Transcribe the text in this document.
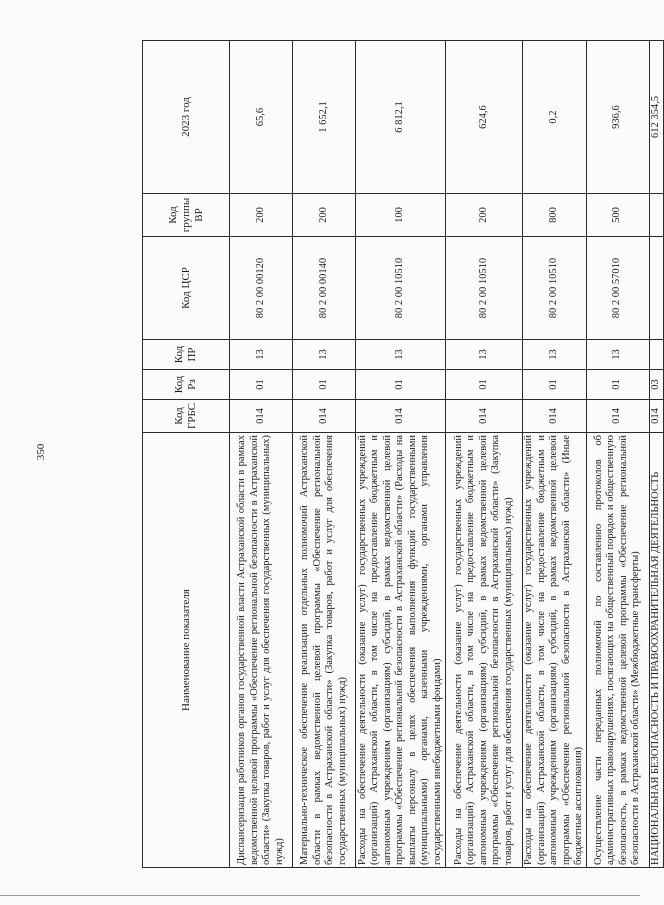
350
Наименование показателя	Код ГРБС	Код Рз	Код ПР	Код ЦСР	Код группы ВР	2023 год
Диспансеризация работников органов государственной власти Астраханской области в рамках ведомственной целевой программы «Обеспечение региональной безопасности в Астраханской области» (Закупка товаров, работ и услуг для обеспечения государственных (муниципальных) нужд)	014	01	13	80 2 00 00120	200	65,6
Материально-техническое обеспечение реализации отдельных полномочий Астраханской области в рамках ведомственной целевой программы «Обеспечение региональной безопасности в Астраханской области» (Закупка товаров, работ и услуг для обеспечения государственных (муниципальных) нужд)	014	01	13	80 2 00 00140	200	1 652,1
Расходы на обеспечение деятельности (оказание услуг) государственных учреждений (организаций) Астраханской области, в том числе на предоставление бюджетным и автономным учреждениям (организациям) субсидий, в рамках ведомственной целевой программы «Обеспечение региональной безопасности в Астраханской области» (Расходы на выплаты персоналу в целях обеспечения выполнения функций государственными (муниципальными) органами, казенными учреждениями, органами управления государственными внебюджетными фондами)	014	01	13	80 2 00 10510	100	6 812,1
Расходы на обеспечение деятельности (оказание услуг) государственных учреждений (организаций) Астраханской области, в том числе на предоставление бюджетным и автономным учреждениям (организациям) субсидий, в рамках ведомственной целевой программы «Обеспечение региональной безопасности в Астраханской области» (Закупка товаров, работ и услуг для обеспечения государственных (муниципальных) нужд)	014	01	13	80 2 00 10510	200	624,6
Расходы на обеспечение деятельности (оказание услуг) государственных учреждений (организаций) Астраханской области, в том числе на предоставление бюджетным и автономным учреждениям (организациям) субсидий, в рамках ведомственной целевой программы «Обеспечение региональной безопасности в Астраханской области» (Иные бюджетные ассигнования)	014	01	13	80 2 00 10510	800	0,2
Осуществление части переданных полномочий по составлению протоколов об административных правонарушениях, посягающих на общественный порядок и общественную безопасность, в рамках ведомственной целевой программы «Обеспечение региональной безопасности в Астраханской области» (Межбюджетные трансферты)	014	01	13	80 2 00 57010	500	936,6
НАЦИОНАЛЬНАЯ БЕЗОПАСНОСТЬ И ПРАВООХРАНИТЕЛЬНАЯ ДЕЯТЕЛЬНОСТЬ	014	03				612 354,5
